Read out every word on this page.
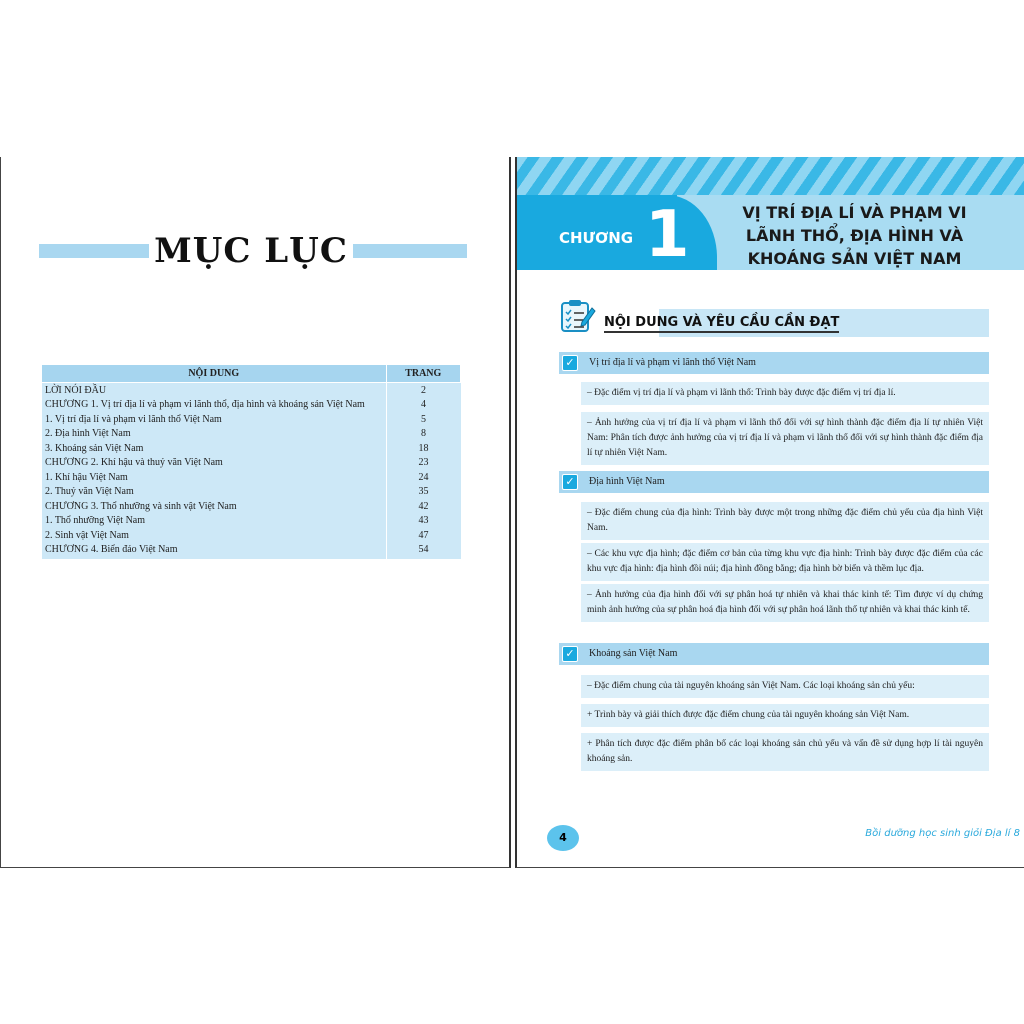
MỤC LỤC
NỘI DUNG	TRANG
LỜI NÓI ĐẦU	2
CHƯƠNG 1. Vị trí địa lí và phạm vi lãnh thổ, địa hình và khoáng sản Việt Nam	4
1. Vị trí địa lí và phạm vi lãnh thổ Việt Nam	5
2. Địa hình Việt Nam	8
3. Khoáng sản Việt Nam	18
CHƯƠNG 2. Khí hậu và thuỷ văn Việt Nam	23
1. Khí hậu Việt Nam	24
2. Thuỷ văn Việt Nam	35
CHƯƠNG 3. Thổ nhưỡng và sinh vật Việt Nam	42
1. Thổ nhưỡng Việt Nam	43
2. Sinh vật Việt Nam	47
CHƯƠNG 4. Biển đảo Việt Nam	54
CHƯƠNG 1	VỊ TRÍ ĐỊA LÍ VÀ PHẠM VI LÃNH THỔ, ĐỊA HÌNH VÀ KHOÁNG SẢN VIỆT NAM
NỘI DUNG VÀ YÊU CẦU CẦN ĐẠT
✓	Vị trí địa lí và phạm vi lãnh thổ Việt Nam
– Đặc điểm vị trí địa lí và phạm vi lãnh thổ: Trình bày được đặc điểm vị trí địa lí.
– Ảnh hưởng của vị trí địa lí và phạm vi lãnh thổ đối với sự hình thành đặc điểm địa lí tự nhiên Việt Nam: Phân tích được ảnh hưởng của vị trí địa lí và phạm vi lãnh thổ đối với sự hình thành đặc điểm địa lí tự nhiên Việt Nam.
✓	Địa hình Việt Nam
– Đặc điểm chung của địa hình: Trình bày được một trong những đặc điểm chủ yếu của địa hình Việt Nam.
– Các khu vực địa hình; đặc điểm cơ bản của từng khu vực địa hình: Trình bày được đặc điểm của các khu vực địa hình: địa hình đồi núi; địa hình đồng bằng; địa hình bờ biển và thềm lục địa.
– Ảnh hưởng của địa hình đối với sự phân hoá tự nhiên và khai thác kinh tế: Tìm được ví dụ chứng minh ảnh hưởng của sự phân hoá địa hình đối với sự phân hoá lãnh thổ tự nhiên và khai thác kinh tế.
✓	Khoáng sản Việt Nam
– Đặc điểm chung của tài nguyên khoáng sản Việt Nam. Các loại khoáng sản chủ yếu:
+ Trình bày và giải thích được đặc điểm chung của tài nguyên khoáng sản Việt Nam.
+ Phân tích được đặc điểm phân bố các loại khoáng sản chủ yếu và vấn đề sử dụng hợp lí tài nguyên khoáng sản.
4	Bồi dưỡng học sinh giỏi Địa lí 8
